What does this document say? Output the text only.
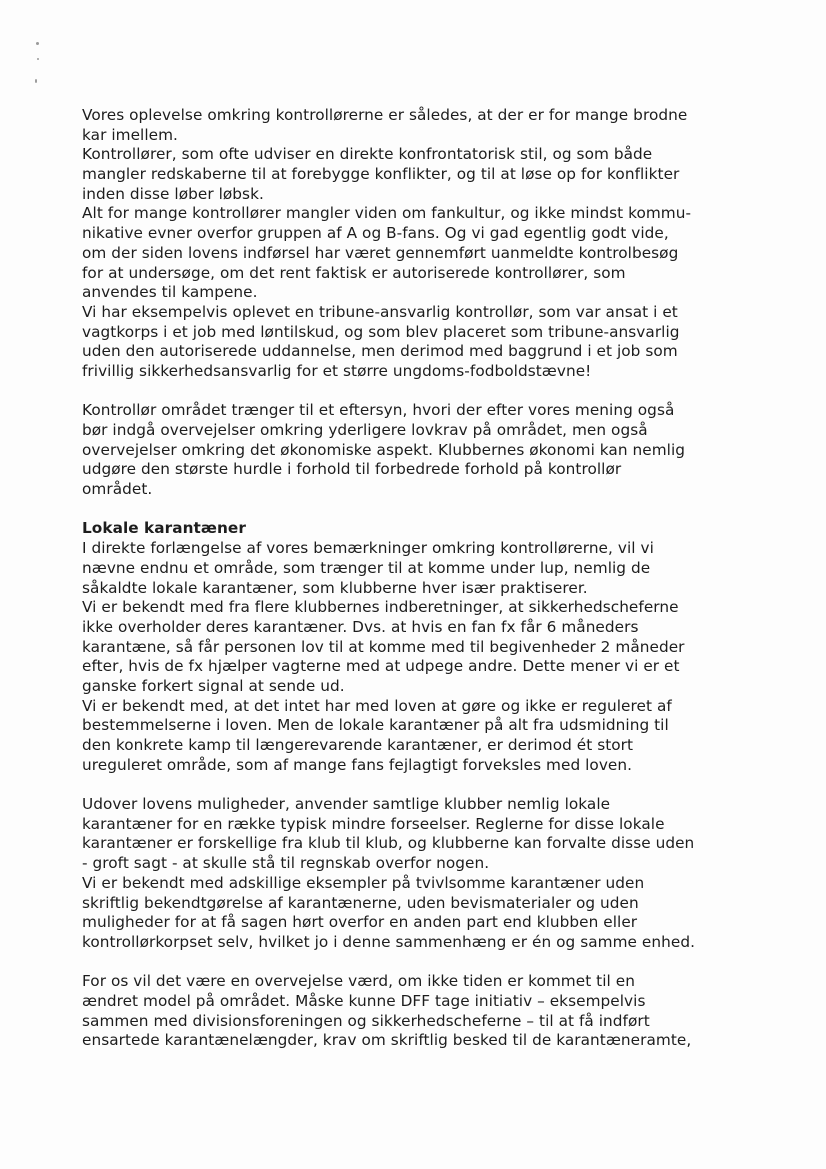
Vores oplevelse omkring kontrollørerne er således, at der er for mange brodne
kar imellem.
Kontrollører, som ofte udviser en direkte konfrontatorisk stil, og som både
mangler redskaberne til at forebygge konflikter, og til at løse op for konflikter
inden disse løber løbsk.
Alt for mange kontrollører mangler viden om fankultur, og ikke mindst kommu-
nikative evner overfor gruppen af A og B-fans. Og vi gad egentlig godt vide,
om der siden lovens indførsel har været gennemført uanmeldte kontrolbesøg
for at undersøge, om det rent faktisk er autoriserede kontrollører, som
anvendes til kampene.
Vi har eksempelvis oplevet en tribune-ansvarlig kontrollør, som var ansat i et
vagtkorps i et job med løntilskud, og som blev placeret som tribune-ansvarlig
uden den autoriserede uddannelse, men derimod med baggrund i et job som
frivillig sikkerhedsansvarlig for et større ungdoms-fodboldstævne!
Kontrollør området trænger til et eftersyn, hvori der efter vores mening også
bør indgå overvejelser omkring yderligere lovkrav på området, men også
overvejelser omkring det økonomiske aspekt. Klubbernes økonomi kan nemlig
udgøre den største hurdle i forhold til forbedrede forhold på kontrollør
området.
Lokale karantæner
I direkte forlængelse af vores bemærkninger omkring kontrollørerne, vil vi
nævne endnu et område, som trænger til at komme under lup, nemlig de
såkaldte lokale karantæner, som klubberne hver især praktiserer.
Vi er bekendt med fra flere klubbernes indberetninger, at sikkerhedscheferne
ikke overholder deres karantæner. Dvs. at hvis en fan fx får 6 måneders
karantæne, så får personen lov til at komme med til begivenheder 2 måneder
efter, hvis de fx hjælper vagterne med at udpege andre. Dette mener vi er et
ganske forkert signal at sende ud.
Vi er bekendt med, at det intet har med loven at gøre og ikke er reguleret af
bestemmelserne i loven. Men de lokale karantæner på alt fra udsmidning til
den konkrete kamp til længerevarende karantæner, er derimod ét stort
ureguleret område, som af mange fans fejlagtigt forveksles med loven.
Udover lovens muligheder, anvender samtlige klubber nemlig lokale
karantæner for en række typisk mindre forseelser. Reglerne for disse lokale
karantæner er forskellige fra klub til klub, og klubberne kan forvalte disse uden
- groft sagt - at skulle stå til regnskab overfor nogen.
Vi er bekendt med adskillige eksempler på tvivlsomme karantæner uden
skriftlig bekendtgørelse af karantænerne, uden bevismaterialer og uden
muligheder for at få sagen hørt overfor en anden part end klubben eller
kontrollørkorpset selv, hvilket jo i denne sammenhæng er én og samme enhed.
For os vil det være en overvejelse værd, om ikke tiden er kommet til en
ændret model på området. Måske kunne DFF tage initiativ – eksempelvis
sammen med divisionsforeningen og sikkerhedscheferne – til at få indført
ensartede karantænelængder, krav om skriftlig besked til de karantæneramte,
